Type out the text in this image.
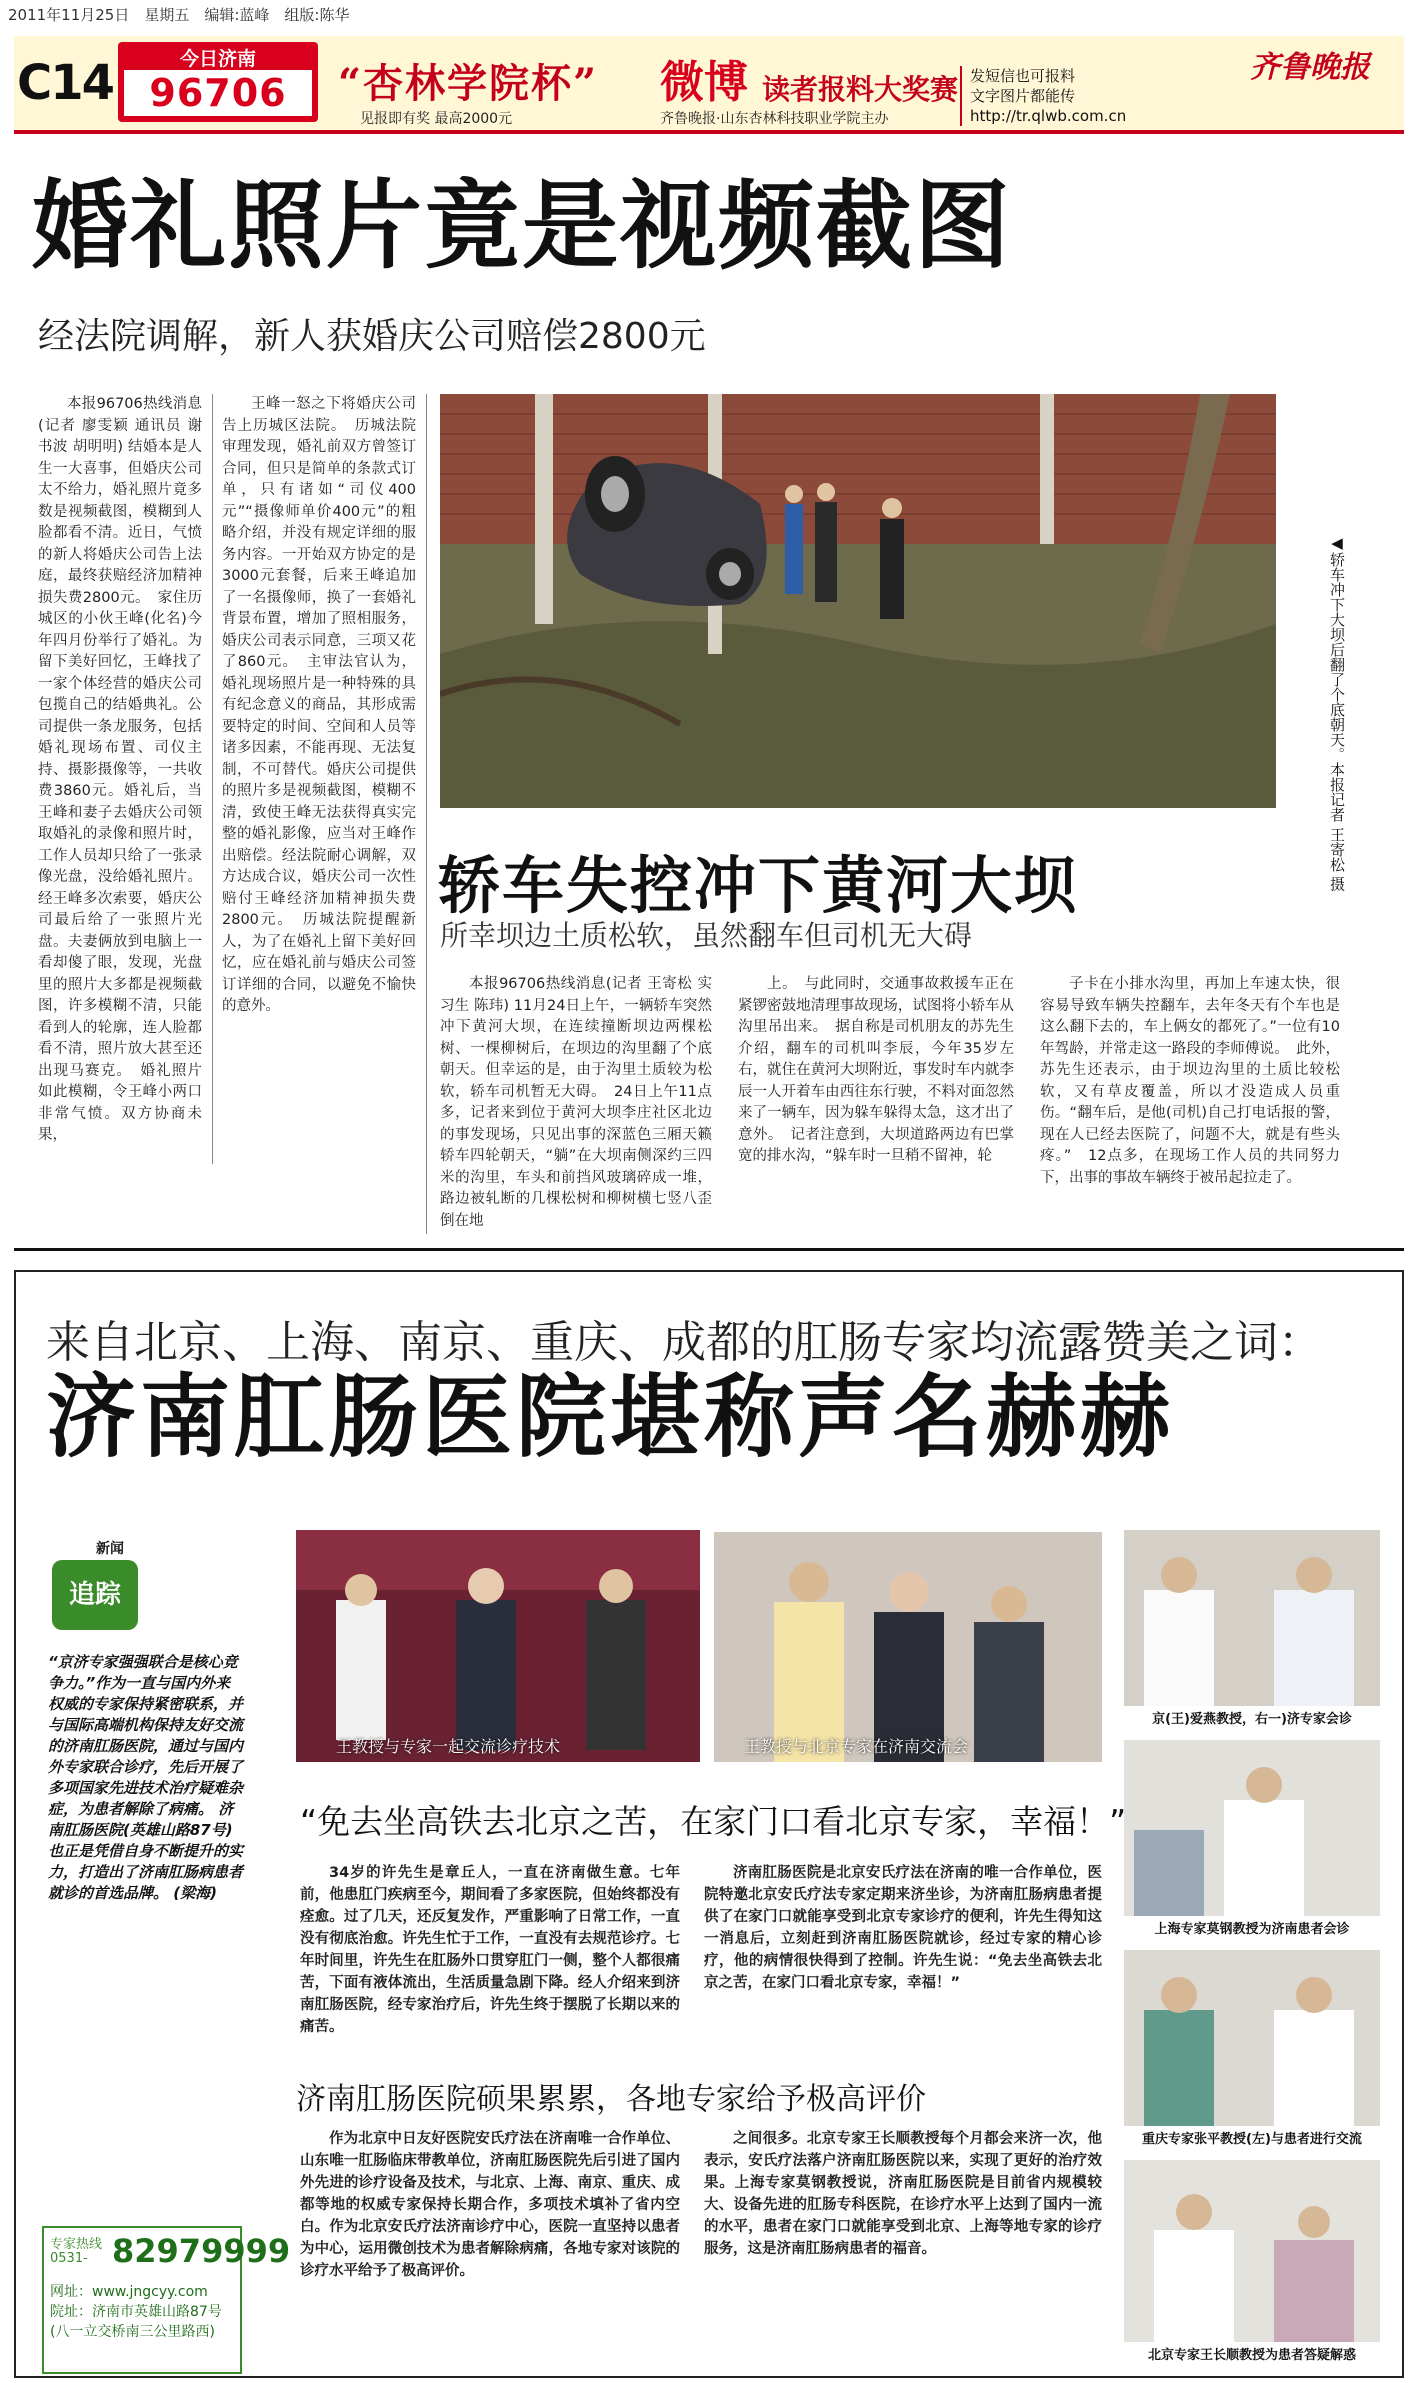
2011年11月25日　星期五　编辑:蓝峰　组版:陈华
C14	今日济南
96706	“杏林学院杯”
见报即有奖 最高2000元
微博 读者报料大奖赛
齐鲁晚报·山东杏林科技职业学院主办
发短信也可报料
文字图片都能传
http://tr.qlwb.com.cn
齐鲁晚报
婚礼照片竟是视频截图
经法院调解，新人获婚庆公司赔偿2800元

本报96706热线消息(记者 廖雯颖 通讯员 谢书波 胡明明) 结婚本是人生一大喜事，但婚庆公司太不给力，婚礼照片竟多数是视频截图，模糊到人脸都看不清。近日，气愤的新人将婚庆公司告上法庭，最终获赔经济加精神损失费2800元。　家住历城区的小伙王峰(化名)今年四月份举行了婚礼。为留下美好回忆，王峰找了一家个体经营的婚庆公司包揽自己的结婚典礼。公司提供一条龙服务，包括婚礼现场布置、司仪主持、摄影摄像等，一共收费3860元。婚礼后，当王峰和妻子去婚庆公司领取婚礼的录像和照片时，工作人员却只给了一张录像光盘，没给婚礼照片。经王峰多次索要，婚庆公司最后给了一张照片光盘。夫妻俩放到电脑上一看却傻了眼，发现，光盘里的照片大多都是视频截图，许多模糊不清，只能看到人的轮廓，连人脸都看不清，照片放大甚至还出现马赛克。　婚礼照片如此模糊，令王峰小两口非常气愤。双方协商未果，

王峰一怒之下将婚庆公司告上历城区法院。　历城法院审理发现，婚礼前双方曾签订合同，但只是简单的条款式订单，只有诸如“司仪400元”“摄像师单价400元”的粗略介绍，并没有规定详细的服务内容。一开始双方协定的是3000元套餐，后来王峰追加了一名摄像师，换了一套婚礼背景布置，增加了照相服务，婚庆公司表示同意，三项又花了860元。　主审法官认为，婚礼现场照片是一种特殊的具有纪念意义的商品，其形成需要特定的时间、空间和人员等诸多因素，不能再现、无法复制，不可替代。婚庆公司提供的照片多是视频截图，模糊不清，致使王峰无法获得真实完整的婚礼影像，应当对王峰作出赔偿。经法院耐心调解，双方达成合议，婚庆公司一次性赔付王峰经济加精神损失费2800元。　历城法院提醒新人，为了在婚礼上留下美好回忆，应在婚礼前与婚庆公司签订详细的合同，以避免不愉快的意外。

◀轿车冲下大坝后翻了个底朝天。本报记者 王寄松 摄
轿车失控冲下黄河大坝
所幸坝边土质松软，虽然翻车但司机无大碍

本报96706热线消息(记者 王寄松 实习生 陈玮) 11月24日上午，一辆轿车突然冲下黄河大坝，在连续撞断坝边两棵松树、一棵柳树后，在坝边的沟里翻了个底朝天。但幸运的是，由于沟里土质较为松软，轿车司机暂无大碍。　24日上午11点多，记者来到位于黄河大坝李庄社区北边的事发现场，只见出事的深蓝色三厢天籁轿车四轮朝天，“躺”在大坝南侧深约三四米的沟里，车头和前挡风玻璃碎成一堆，路边被轧断的几棵松树和柳树横七竖八歪倒在地

上。　与此同时，交通事故救援车正在紧锣密鼓地清理事故现场，试图将小轿车从沟里吊出来。　据自称是司机朋友的苏先生介绍，翻车的司机叫李辰，今年35岁左右，就住在黄河大坝附近，事发时车内就李辰一人开着车由西往东行驶，不料对面忽然来了一辆车，因为躲车躲得太急，这才出了意外。　记者注意到，大坝道路两边有巴掌宽的排水沟，“躲车时一旦稍不留神，轮

子卡在小排水沟里，再加上车速太快，很容易导致车辆失控翻车，去年冬天有个车也是这么翻下去的，车上俩女的都死了。”一位有10年驾龄，并常走这一路段的李师傅说。　此外，苏先生还表示，由于坝边沟里的土质比较松软，又有草皮覆盖，所以才没造成人员重伤。“翻车后，是他(司机)自己打电话报的警，现在人已经去医院了，问题不大，就是有些头疼。”　12点多，在现场工作人员的共同努力下，出事的事故车辆终于被吊起拉走了。

来自北京、上海、南京、重庆、成都的肛肠专家均流露赞美之词：
济南肛肠医院堪称声名赫赫
新闻
追踪
“京济专家强强联合是核心竞争力。”作为一直与国内外来权威的专家保持紧密联系，并与国际高端机构保持友好交流的济南肛肠医院，通过与国内外专家联合诊疗，先后开展了多项国家先进技术治疗疑难杂症，为患者解除了病痛。 济南肛肠医院(英雄山路87号)也正是凭借自身不断提升的实力，打造出了济南肛肠病患者就诊的首选品牌。 (梁海)
专家热线0531- 82979999
网址：www.jngcyy.com
院址：济南市英雄山路87号
(八一立交桥南三公里路西)
王教授与专家一起交流诊疗技术	王教授与北京专家在济南交流会
京(王)爱燕教授，右一)济专家会诊
上海专家莫钢教授为济南患者会诊
重庆专家张平教授(左)与患者进行交流
北京专家王长顺教授为患者答疑解惑
“免去坐高铁去北京之苦，在家门口看北京专家，幸福！”

34岁的许先生是章丘人，一直在济南做生意。七年前，他患肛门疾病至今，期间看了多家医院，但始终都没有痊愈。过了几天，还反复发作，严重影响了日常工作，一直没有彻底治愈。许先生忙于工作，一直没有去规范诊疗。七年时间里，许先生在肛肠外口贯穿肛门一侧，整个人都很痛苦，下面有液体流出，生活质量急剧下降。经人介绍来到济南肛肠医院，经专家治疗后，许先生终于摆脱了长期以来的痛苦。

济南肛肠医院是北京安氏疗法在济南的唯一合作单位，医院特邀北京安氏疗法专家定期来济坐诊，为济南肛肠病患者提供了在家门口就能享受到北京专家诊疗的便利，许先生得知这一消息后，立刻赶到济南肛肠医院就诊，经过专家的精心诊疗，他的病情很快得到了控制。许先生说：“免去坐高铁去北京之苦，在家门口看北京专家，幸福！”

济南肛肠医院硕果累累，各地专家给予极高评价

作为北京中日友好医院安氏疗法在济南唯一合作单位、山东唯一肛肠临床带教单位，济南肛肠医院先后引进了国内外先进的诊疗设备及技术，与北京、上海、南京、重庆、成都等地的权威专家保持长期合作，多项技术填补了省内空白。作为北京安氏疗法济南诊疗中心，医院一直坚持以患者为中心，运用微创技术为患者解除病痛，各地专家对该院的诊疗水平给予了极高评价。

之间很多。北京专家王长顺教授每个月都会来济一次，他表示，安氏疗法落户济南肛肠医院以来，实现了更好的治疗效果。上海专家莫钢教授说，济南肛肠医院是目前省内规模较大、设备先进的肛肠专科医院，在诊疗水平上达到了国内一流的水平，患者在家门口就能享受到北京、上海等地专家的诊疗服务，这是济南肛肠病患者的福音。
